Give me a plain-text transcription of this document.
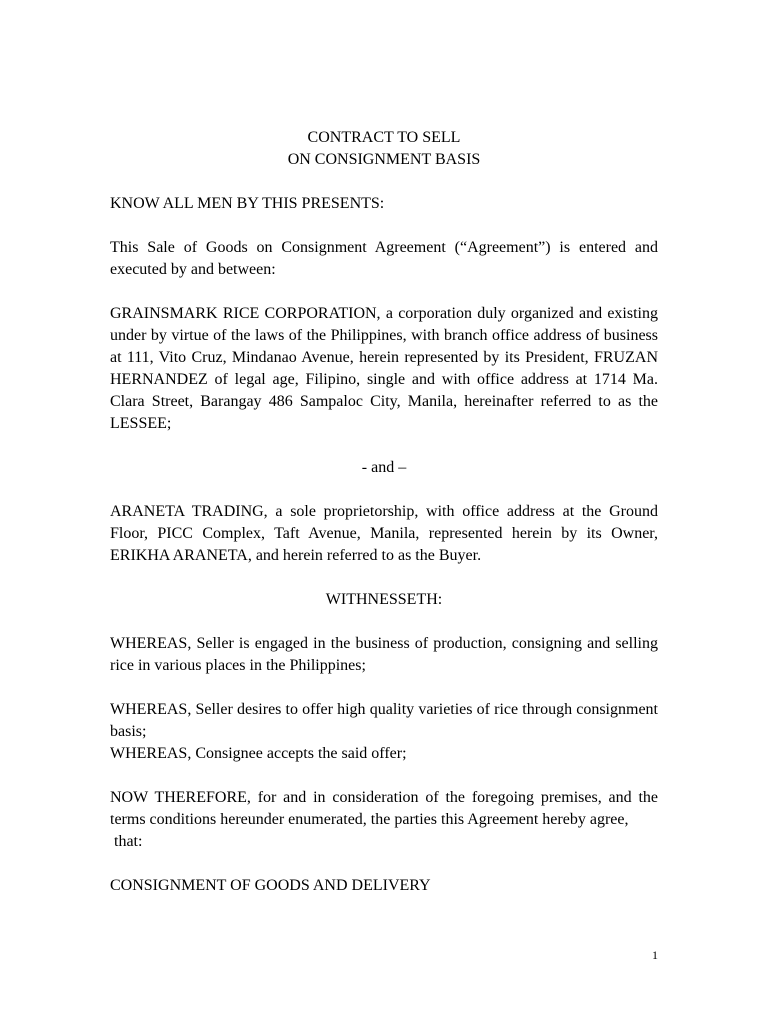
CONTRACT TO SELL
ON CONSIGNMENT BASIS

KNOW ALL MEN BY THIS PRESENTS:

This Sale of Goods on Consignment Agreement (“Agreement”) is entered and executed by and between:

GRAINSMARK RICE CORPORATION, a corporation duly organized and existing under by virtue of the laws of the Philippines, with branch office address of business at 111, Vito Cruz, Mindanao Avenue, herein represented by its President, FRUZAN HERNANDEZ of legal age, Filipino, single and with office address at 1714 Ma. Clara Street, Barangay 486 Sampaloc City, Manila, hereinafter referred to as the LESSEE;

- and –

ARANETA TRADING, a sole proprietorship, with office address at the Ground Floor, PICC Complex, Taft Avenue, Manila, represented herein by its Owner, ERIKHA ARANETA, and herein referred to as the Buyer.

WITHNESSETH:

WHEREAS, Seller is engaged in the business of production, consigning and selling rice in various places in the Philippines;

WHEREAS, Seller desires to offer high quality varieties of rice through consignment basis;

WHEREAS, Consignee accepts the said offer;

NOW THEREFORE, for and in consideration of the foregoing premises, and the terms conditions hereunder enumerated, the parties this Agreement hereby agree,

that:

CONSIGNMENT OF GOODS AND DELIVERY

1
